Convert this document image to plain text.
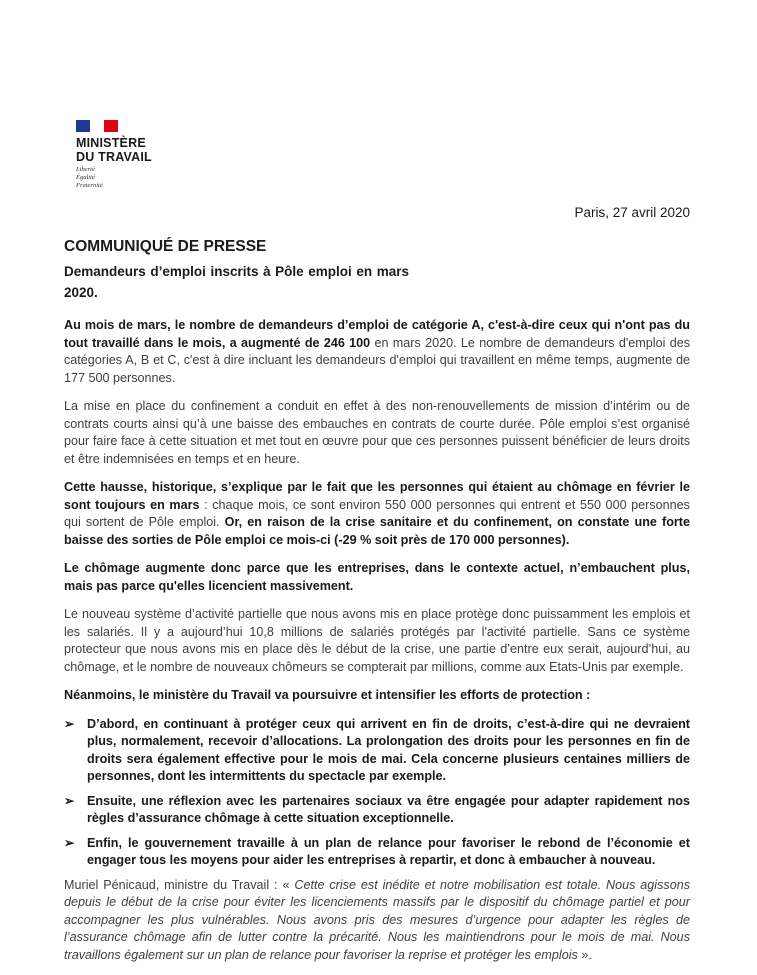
MINISTÈRE
DU TRAVAIL
Liberté
Égalité
Fraternité
Paris, 27 avril 2020
COMMUNIQUÉ DE PRESSE
Demandeurs d’emploi inscrits à Pôle emploi en mars 2020.

Au mois de mars, le nombre de demandeurs d’emploi de catégorie A, c'est-à-dire ceux qui n'ont pas du tout travaillé dans le mois, a augmenté de 246 100 en mars 2020. Le nombre de demandeurs d'emploi des catégories A, B et C, c'est à dire incluant les demandeurs d'emploi qui travaillent en même temps, augmente de 177 500 personnes.

La mise en place du confinement a conduit en effet à des non-renouvellements de mission d’intérim ou de contrats courts ainsi qu’à une baisse des embauches en contrats de courte durée. Pôle emploi s’est organisé pour faire face à cette situation et met tout en œuvre pour que ces personnes puissent bénéficier de leurs droits et être indemnisées en temps et en heure.

Cette hausse, historique, s’explique par le fait que les personnes qui étaient au chômage en février le sont toujours en mars : chaque mois, ce sont environ 550 000 personnes qui entrent et 550 000 personnes qui sortent de Pôle emploi. Or, en raison de la crise sanitaire et du confinement, on constate une forte baisse des sorties de Pôle emploi ce mois-ci (-29 % soit près de 170 000 personnes).

Le chômage augmente donc parce que les entreprises, dans le contexte actuel, n’embauchent plus, mais pas parce qu'elles licencient massivement.

Le nouveau système d’activité partielle que nous avons mis en place protège donc puissamment les emplois et les salariés. Il y a aujourd’hui 10,8 millions de salariés protégés par l'activité partielle. Sans ce système protecteur que nous avons mis en place dès le début de la crise, une partie d’entre eux serait, aujourd’hui, au chômage, et le nombre de nouveaux chômeurs se compterait par millions, comme aux Etats-Unis par exemple.

Néanmoins, le ministère du Travail va poursuivre et intensifier les efforts de protection :

➢ D’abord, en continuant à protéger ceux qui arrivent en fin de droits, c’est-à-dire qui ne devraient plus, normalement, recevoir d’allocations. La prolongation des droits pour les personnes en fin de droits sera également effective pour le mois de mai. Cela concerne plusieurs centaines milliers de personnes, dont les intermittents du spectacle par exemple.
➢ Ensuite, une réflexion avec les partenaires sociaux va être engagée pour adapter rapidement nos règles d’assurance chômage à cette situation exceptionnelle.
➢ Enfin, le gouvernement travaille à un plan de relance pour favoriser le rebond de l’économie et engager tous les moyens pour aider les entreprises à repartir, et donc à embaucher à nouveau.

Muriel Pénicaud, ministre du Travail : « Cette crise est inédite et notre mobilisation est totale. Nous agissons depuis le début de la crise pour éviter les licenciements massifs par le dispositif du chômage partiel et pour accompagner les plus vulnérables. Nous avons pris des mesures d’urgence pour adapter les règles de l’assurance chômage afin de lutter contre la précarité. Nous les maintiendrons pour le mois de mai. Nous travaillons également sur un plan de relance pour favoriser la reprise et protéger les emplois ».
